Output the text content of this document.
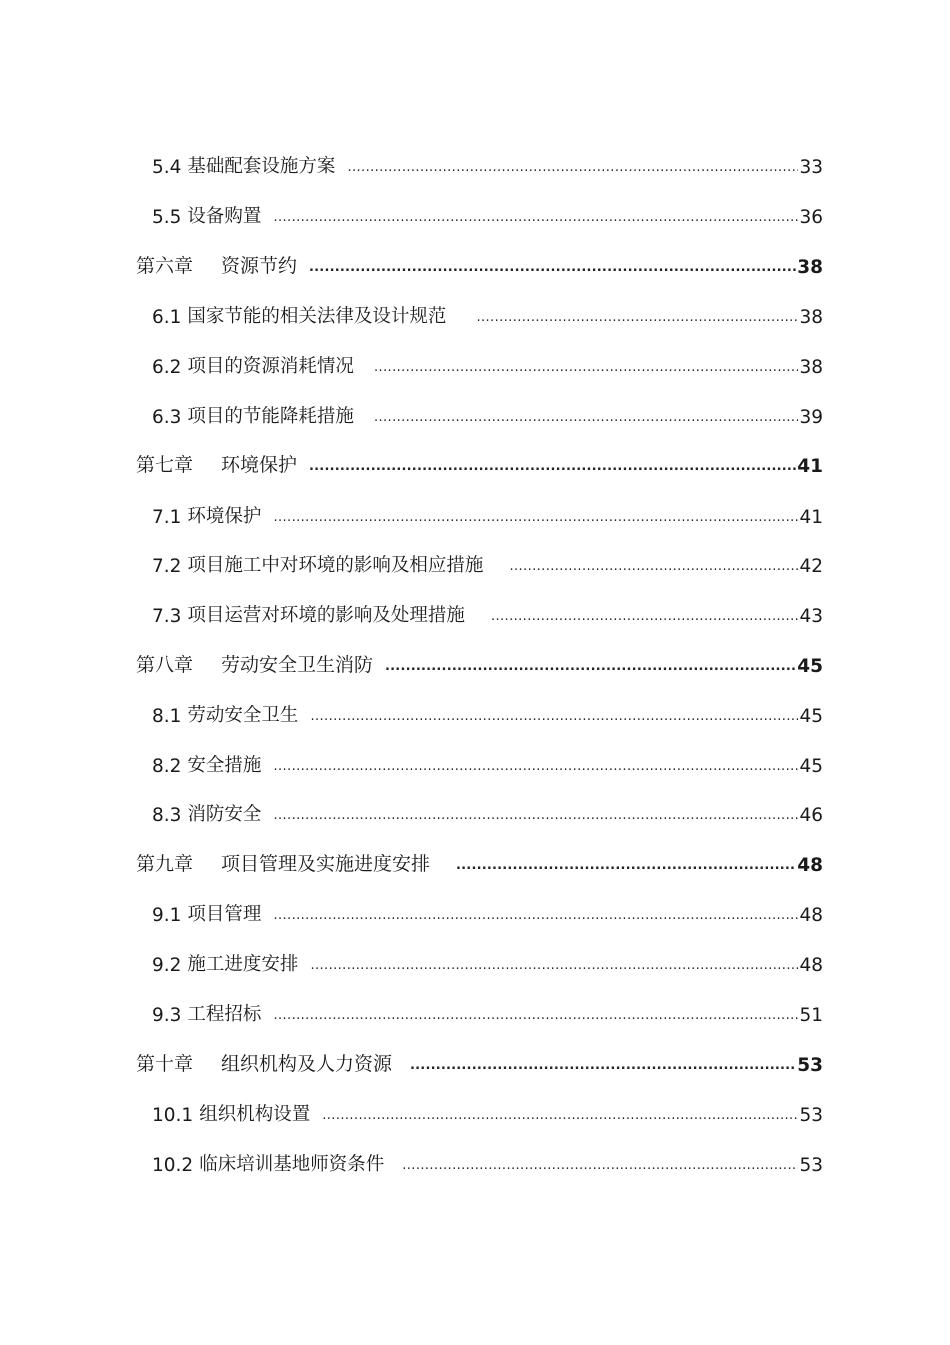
5.4 基础配套设施方案 .....	33
5.5 设备购置 .....	36
第六章 资源节约 .....	38
6.1 国家节能的相关法律及设计规范 .....	38
6.2 项目的资源消耗情况 .....	38
6.3 项目的节能降耗措施 .....	39
第七章 环境保护 .....	41
7.1 环境保护 .....	41
7.2 项目施工中对环境的影响及相应措施 .....	42
7.3 项目运营对环境的影响及处理措施 .....	43
第八章 劳动安全卫生消防 .....	45
8.1 劳动安全卫生 .....	45
8.2 安全措施 .....	45
8.3 消防安全 .....	46
第九章 项目管理及实施进度安排 .....	48
9.1 项目管理 .....	48
9.2 施工进度安排 .....	48
9.3 工程招标 .....	51
第十章 组织机构及人力资源 .....	53
10.1 组织机构设置 .....	53
10.2 临床培训基地师资条件 .....	53
